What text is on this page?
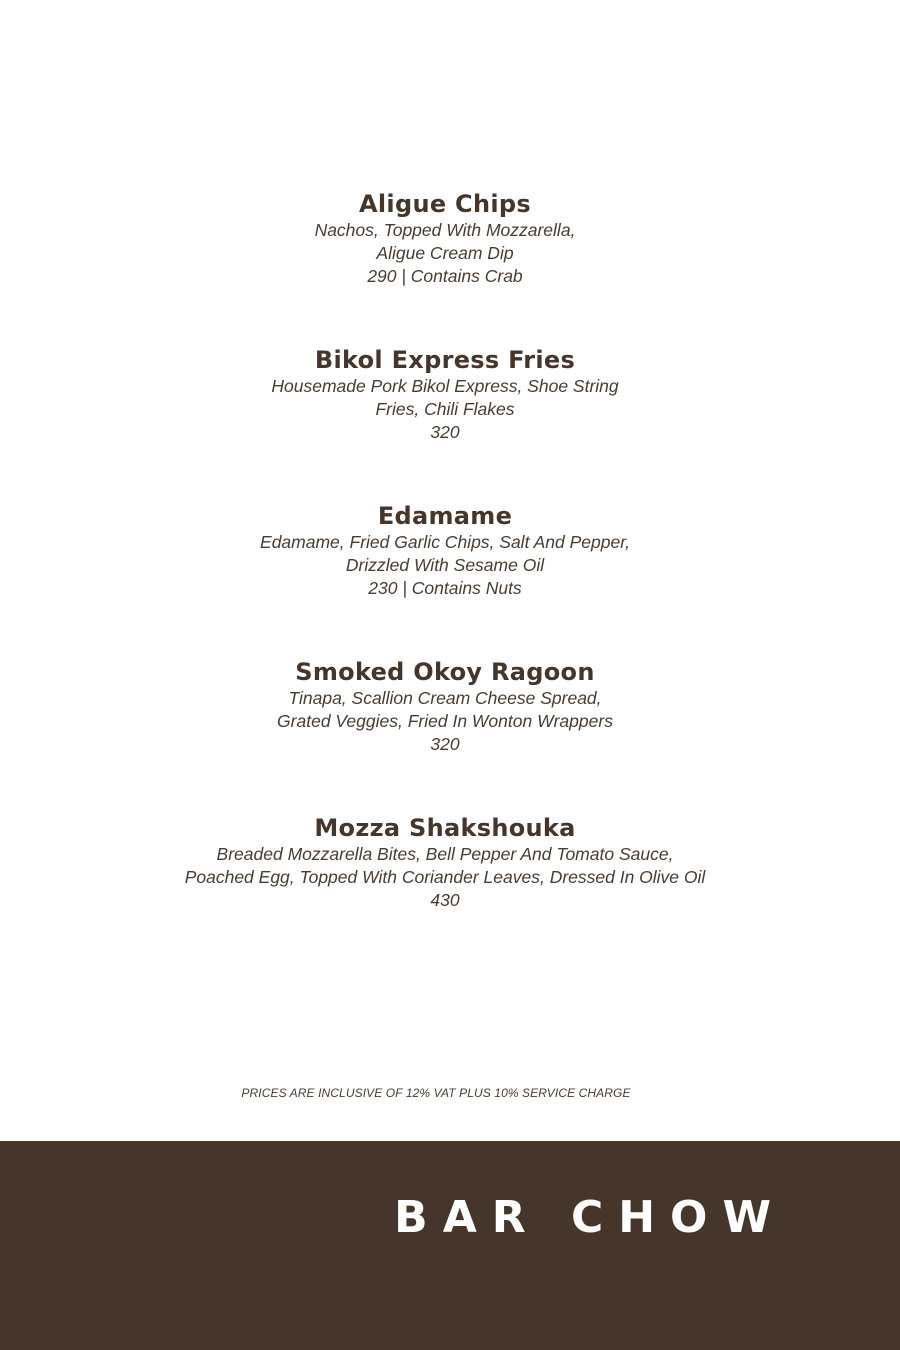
Aligue Chips

Nachos, Topped With Mozzarella,

Aligue Cream Dip

290 | Contains Crab

Bikol Express Fries

Housemade Pork Bikol Express, Shoe String

Fries, Chili Flakes

320

Edamame

Edamame, Fried Garlic Chips, Salt And Pepper,

Drizzled With Sesame Oil

230 | Contains Nuts

Smoked Okoy Ragoon

Tinapa, Scallion Cream Cheese Spread,

Grated Veggies, Fried In Wonton Wrappers

320

Mozza Shakshouka

Breaded Mozzarella Bites, Bell Pepper And Tomato Sauce,

Poached Egg, Topped With Coriander Leaves, Dressed In Olive Oil

430

PRICES ARE INCLUSIVE OF 12% VAT PLUS 10% SERVICE CHARGE
BAR CHOW
